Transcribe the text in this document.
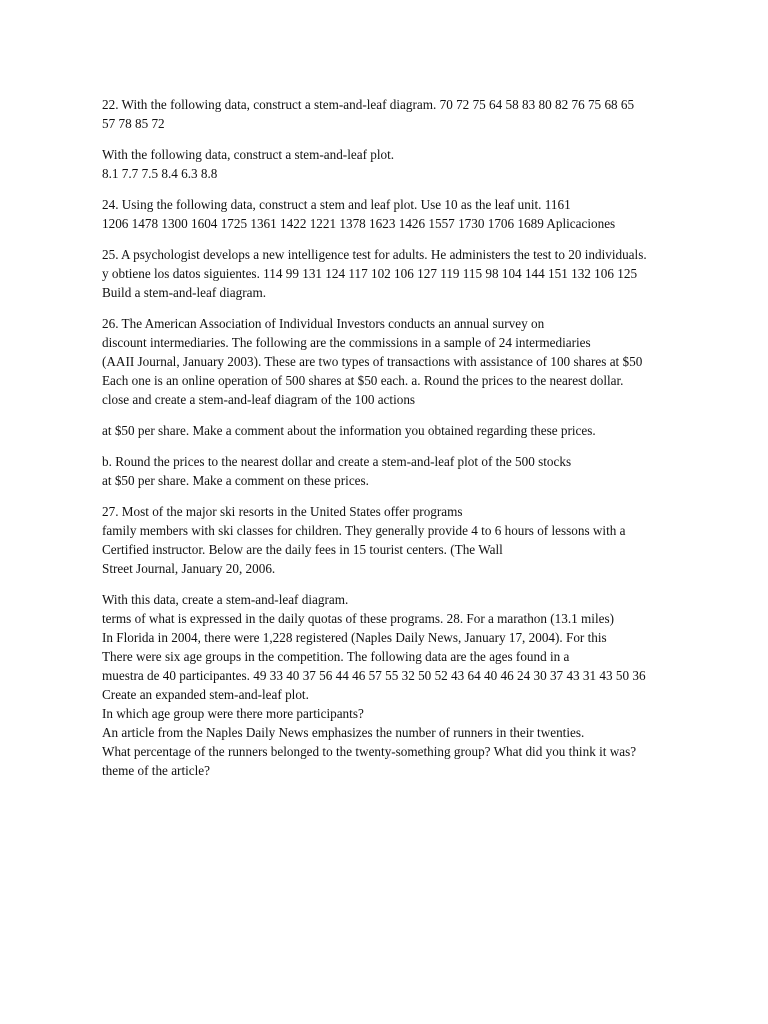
22. With the following data, construct a stem-and-leaf diagram. 70 72 75 64 58 83 80 82 76 75 68 65
57 78 85 72
With the following data, construct a stem-and-leaf plot.
8.1 7.7 7.5 8.4 6.3 8.8
24. Using the following data, construct a stem and leaf plot. Use 10 as the leaf unit. 1161
1206 1478 1300 1604 1725 1361 1422 1221 1378 1623 1426 1557 1730 1706 1689 Aplicaciones
25. A psychologist develops a new intelligence test for adults. He administers the test to 20 individuals.
y obtiene los datos siguientes. 114 99 131 124 117 102 106 127 119 115 98 104 144 151 132 106 125
Build a stem-and-leaf diagram.
26. The American Association of Individual Investors conducts an annual survey on
discount intermediaries. The following are the commissions in a sample of 24 intermediaries
(AAII Journal, January 2003). These are two types of transactions with assistance of 100 shares at $50
Each one is an online operation of 500 shares at $50 each. a. Round the prices to the nearest dollar.
close and create a stem-and-leaf diagram of the 100 actions
at $50 per share. Make a comment about the information you obtained regarding these prices.
b. Round the prices to the nearest dollar and create a stem-and-leaf plot of the 500 stocks
at $50 per share. Make a comment on these prices.
27. Most of the major ski resorts in the United States offer programs
family members with ski classes for children. They generally provide 4 to 6 hours of lessons with a
Certified instructor. Below are the daily fees in 15 tourist centers. (The Wall
Street Journal, January 20, 2006.
With this data, create a stem-and-leaf diagram.
terms of what is expressed in the daily quotas of these programs. 28. For a marathon (13.1 miles)
In Florida in 2004, there were 1,228 registered (Naples Daily News, January 17, 2004). For this
There were six age groups in the competition. The following data are the ages found in a
muestra de 40 participantes. 49 33 40 37 56 44 46 57 55 32 50 52 43 64 40 46 24 30 37 43 31 43 50 36
Create an expanded stem-and-leaf plot.
In which age group were there more participants?
An article from the Naples Daily News emphasizes the number of runners in their twenties.
What percentage of the runners belonged to the twenty-something group? What did you think it was?
theme of the article?
